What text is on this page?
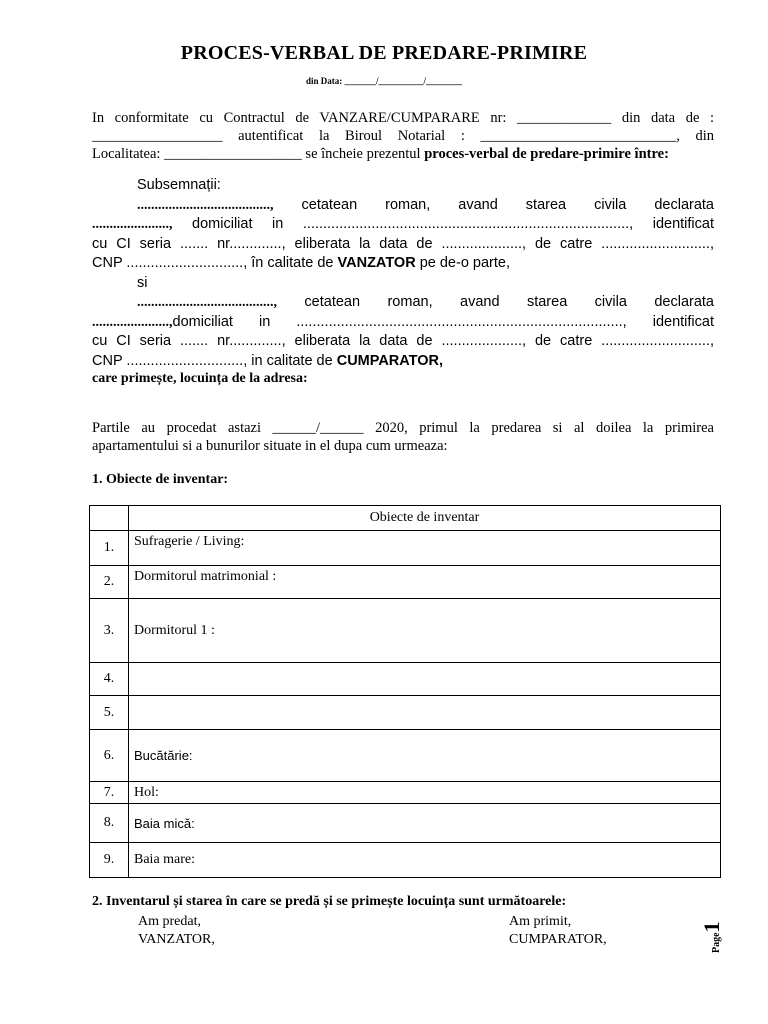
PROCES-VERBAL DE PREDARE-PRIMIRE
din Data: _______/__________/________
In conformitate cu Contractul de VANZARE/CUMPARARE nr: _____________ din data de :
__________________ autentificat la Biroul Notarial : ___________________________, din
Localitatea: ___________________ se încheie prezentul proces-verbal de predare-primire între:
Subsemnații:
......................................, cetatean roman, avand starea civila declarata
......................, domiciliat in ................................................................................., identificat
cu CI seria ....... nr............., eliberata la data de ...................., de catre ...........................,
CNP ............................., în calitate de VANZATOR pe de-o parte,
si
......................................., cetatean roman, avand starea civila declarata
......................,domiciliat in ................................................................................., identificat
cu CI seria ....... nr............., eliberata la data de ...................., de catre ...........................,
CNP ............................., in calitate de CUMPARATOR,
care primește, locuința de la adresa:
Partile au procedat astazi ______/______ 2020, primul la predarea si al doilea la primirea
apartamentului si a bunurilor situate in el dupa cum urmeaza:
1. Obiecte de inventar:
	Obiecte de inventar
1.	Sufragerie / Living:
2.	Dormitorul matrimonial :
3.	Dormitorul 1 :
4.	
5.	
6.	Bucătărie:
7.	Hol:
8.	Baia mică:
9.	Baia mare:
2. Inventarul și starea în care se predă și se primește locuința sunt următoarele:
Am predat,
VANZATOR,
Am primit,
CUMPARATOR,	Page1
